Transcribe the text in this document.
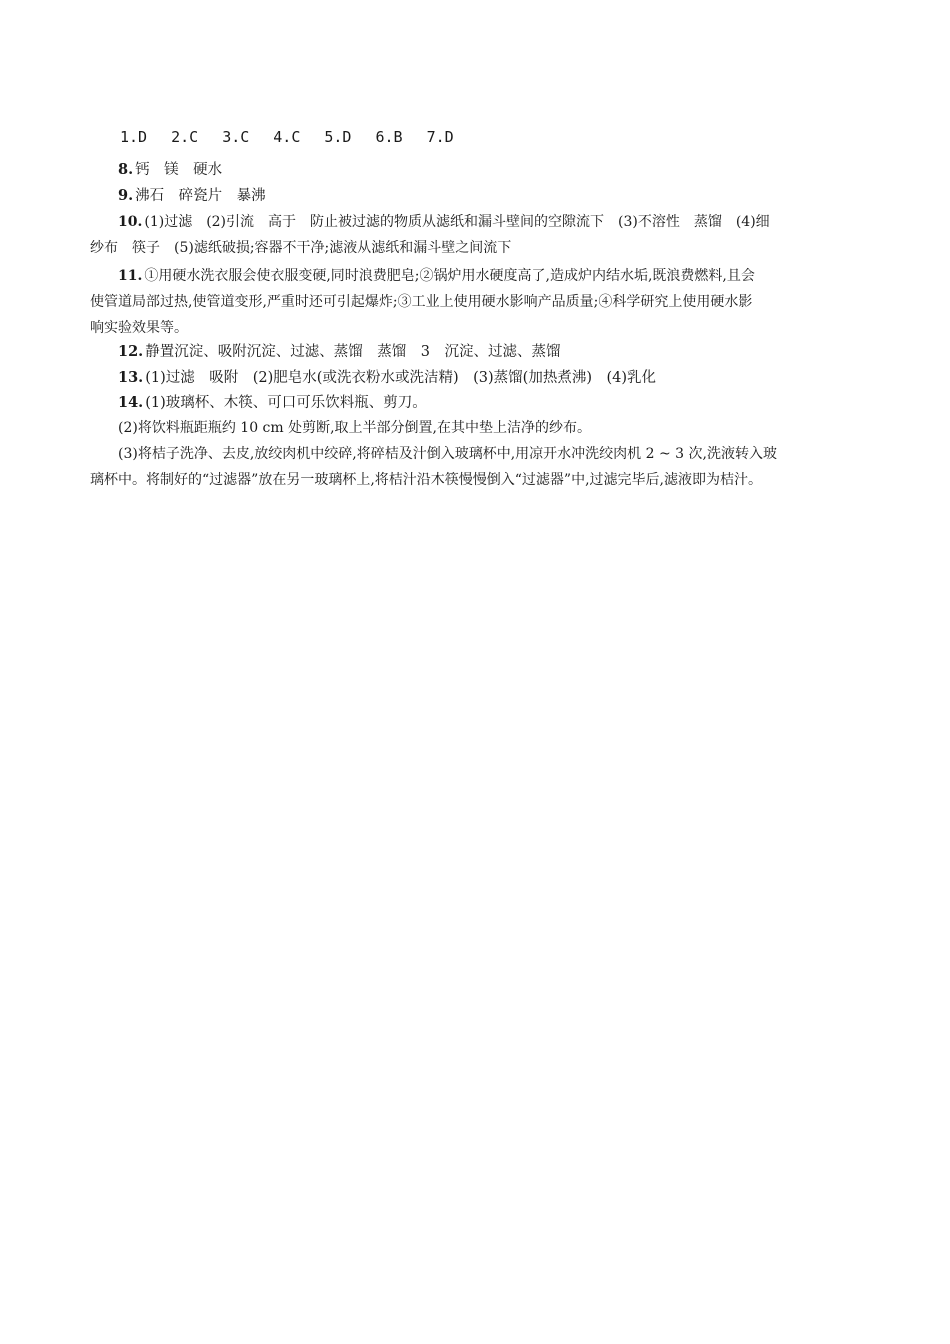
1.D 2.C 3.C 4.C 5.D 6.B 7.D
8. 钙　镁　硬水
9. 沸石　碎瓷片　暴沸
10. (1)过滤　(2)引流　高于　防止被过滤的物质从滤纸和漏斗壁间的空隙流下　(3)不溶性　蒸馏　(4)细
纱布　筷子　(5)滤纸破损;容器不干净;滤液从滤纸和漏斗壁之间流下
11. ①用硬水洗衣服会使衣服变硬,同时浪费肥皂;②锅炉用水硬度高了,造成炉内结水垢,既浪费燃料,且会
使管道局部过热,使管道变形,严重时还可引起爆炸;③工业上使用硬水影响产品质量;④科学研究上使用硬水影
响实验效果等。
12. 静置沉淀、吸附沉淀、过滤、蒸馏　蒸馏　3　沉淀、过滤、蒸馏
13. (1)过滤　吸附　(2)肥皂水(或洗衣粉水或洗洁精)　(3)蒸馏(加热煮沸)　(4)乳化
14. (1)玻璃杯、木筷、可口可乐饮料瓶、剪刀。
(2)将饮料瓶距瓶约 10 cm 处剪断,取上半部分倒置,在其中垫上洁净的纱布。
(3)将桔子洗净、去皮,放绞肉机中绞碎,将碎桔及汁倒入玻璃杯中,用凉开水冲洗绞肉机 2 ~ 3 次,洗液转入玻
璃杯中。将制好的“过滤器”放在另一玻璃杯上,将桔汁沿木筷慢慢倒入“过滤器”中,过滤完毕后,滤液即为桔汁。
